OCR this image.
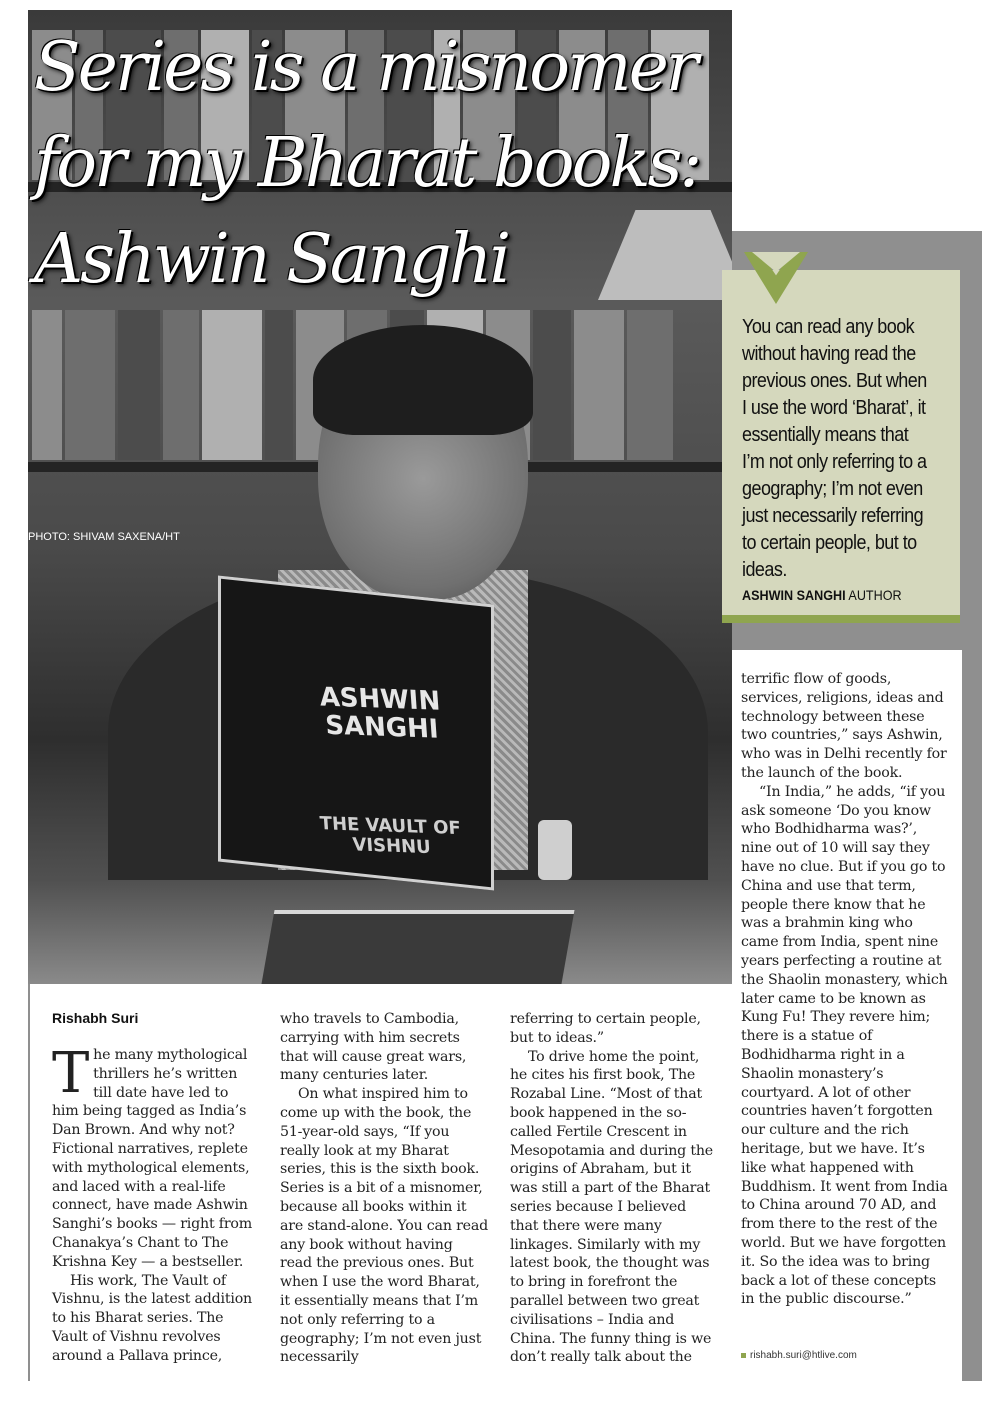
ASHWIN SANGHI
THE VAULT OF VISHNU
Series is a misnomer
for my Bharat books:
Ashwin Sanghi
PHOTO: SHIVAM SAXENA/HT

You can read any book without having read the previous ones. But when I use the word ‘Bharat’, it essentially means that I’m not only referring to a geography; I’m not even just necessarily referring to certain people, but to ideas.

ASHWIN SANGHI AUTHOR
Rishabh Suri

The many mythological thrillers he’s written till date have led to him being tagged as India’s Dan Brown. And why not? Fictional narratives, replete with mythological elements, and laced with a real-life connect, have made Ashwin Sanghi’s books — right from Chanakya’s Chant to The Krishna Key — a bestseller.

His work, The Vault of Vishnu, is the latest addition to his Bharat series. The Vault of Vishnu revolves around a Pallava prince,

who travels to Cambodia, carrying with him secrets that will cause great wars, many centuries later.

On what inspired him to come up with the book, the 51-year-old says, “If you really look at my Bharat series, this is the sixth book. Series is a bit of a misnomer, because all books within it are stand-alone. You can read any book without having read the previous ones. But when I use the word Bharat, it essentially means that I’m not only referring to a geography; I’m not even just necessarily

referring to certain people, but to ideas.”

To drive home the point, he cites his first book, The Rozabal Line. “Most of that book happened in the so-called Fertile Crescent in Mesopotamia and during the origins of Abraham, but it was still a part of the Bharat series because I believed that there were many linkages. Similarly with my latest book, the thought was to bring in forefront the parallel between two great civilisations – India and China. The funny thing is we don’t really talk about the

terrific flow of goods, services, religions, ideas and technology between these two countries,” says Ashwin, who was in Delhi recently for the launch of the book.

“In India,” he adds, “if you ask someone ‘Do you know who Bodhidharma was?’, nine out of 10 will say they have no clue. But if you go to China and use that term, people there know that he was a brahmin king who came from India, spent nine years perfecting a routine at the Shaolin monastery, which later came to be known as Kung Fu! They revere him; there is a statue of Bodhidharma right in a Shaolin monastery’s courtyard. A lot of other countries haven’t forgotten our culture and the rich heritage, but we have. It’s like what happened with Buddhism. It went from India to China around 70 AD, and from there to the rest of the world. But we have forgotten it. So the idea was to bring back a lot of these concepts in the public discourse.”

rishabh.suri@htlive.com
